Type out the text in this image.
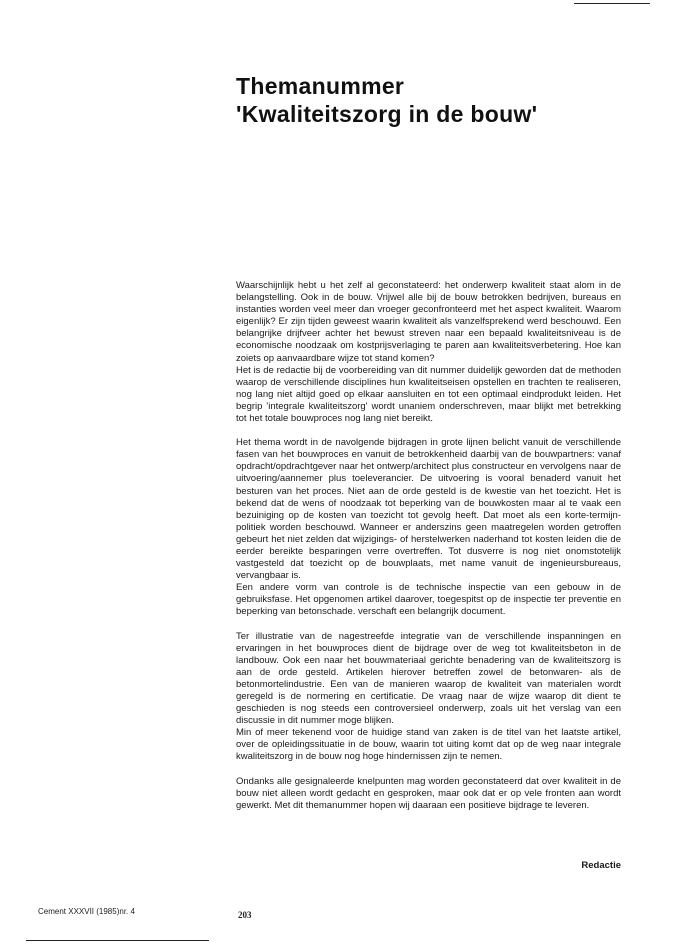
Themanummer
'Kwaliteitszorg in de bouw'

Waarschijnlijk hebt u het zelf al geconstateerd: het onderwerp kwaliteit staat alom in de belangstelling. Ook in de bouw. Vrijwel alle bij de bouw betrokken bedrijven, bureaus en instanties worden veel meer dan vroeger geconfronteerd met het aspect kwaliteit. Waarom eigenlijk? Er zijn tijden geweest waarin kwaliteit als vanzelfsprekend werd beschouwd. Een belangrijke drijfveer achter het bewust streven naar een bepaald kwaliteitsniveau is de economische noodzaak om kostprijsverlaging te paren aan kwaliteitsverbetering. Hoe kan zoiets op aanvaardbare wijze tot stand komen?

Het is de redactie bij de voorbereiding van dit nummer duidelijk geworden dat de methoden waarop de verschillende disciplines hun kwaliteitseisen opstellen en trachten te realiseren, nog lang niet altijd goed op elkaar aansluiten en tot een optimaal eindprodukt leiden. Het begrip 'integrale kwaliteitszorg' wordt unaniem onderschreven, maar blijkt met betrekking tot het totale bouwproces nog lang niet bereikt.

Het thema wordt in de navolgende bijdragen in grote lijnen belicht vanuit de verschillende fasen van het bouwproces en vanuit de betrokkenheid daarbij van de bouwpartners: vanaf opdracht/opdrachtgever naar het ontwerp/architect plus constructeur en vervolgens naar de uitvoering/aannemer plus toeleverancier. De uitvoering is vooral benaderd vanuit het besturen van het proces. Niet aan de orde gesteld is de kwestie van het toezicht. Het is bekend dat de wens of noodzaak tot beperking van de bouwkosten maar al te vaak een bezuiniging op de kosten van toezicht tot gevolg heeft. Dat moet als een korte-termijn-politiek worden beschouwd. Wanneer er anderszins geen maatregelen worden getroffen gebeurt het niet zelden dat wijzigings- of herstelwerken naderhand tot kosten leiden die de eerder bereikte besparingen verre overtreffen. Tot dusverre is nog niet onomstotelijk vastgesteld dat toezicht op de bouwplaats, met name vanuit de ingenieursbureaus, vervangbaar is.

Een andere vorm van controle is de technische inspectie van een gebouw in de gebruiksfase. Het opgenomen artikel daarover, toegespitst op de inspectie ter preventie en beperking van betonschade. verschaft een belangrijk document.

Ter illustratie van de nagestreefde integratie van de verschillende inspanningen en ervaringen in het bouwproces dient de bijdrage over de weg tot kwaliteitsbeton in de landbouw. Ook een naar het bouwmateriaal gerichte benadering van de kwaliteitszorg is aan de orde gesteld. Artikelen hierover betreffen zowel de betonwaren- als de betonmortelindustrie. Een van de manieren waarop de kwaliteit van materialen wordt geregeld is de normering en certificatie. De vraag naar de wijze waarop dit dient te geschieden is nog steeds een controversieel onderwerp, zoals uit het verslag van een discussie in dit nummer moge blijken.

Min of meer tekenend voor de huidige stand van zaken is de titel van het laatste artikel, over de opleidingssituatie in de bouw, waarin tot uiting komt dat op de weg naar integrale kwaliteitszorg in de bouw nog hoge hindernissen zijn te nemen.

Ondanks alle gesignaleerde knelpunten mag worden geconstateerd dat over kwaliteit in de bouw niet alleen wordt gedacht en gesproken, maar ook dat er op vele fronten aan wordt gewerkt. Met dit themanummer hopen wij daaraan een positieve bijdrage te leveren.

Redactie
Cement XXXVII (1985)nr. 4	203
